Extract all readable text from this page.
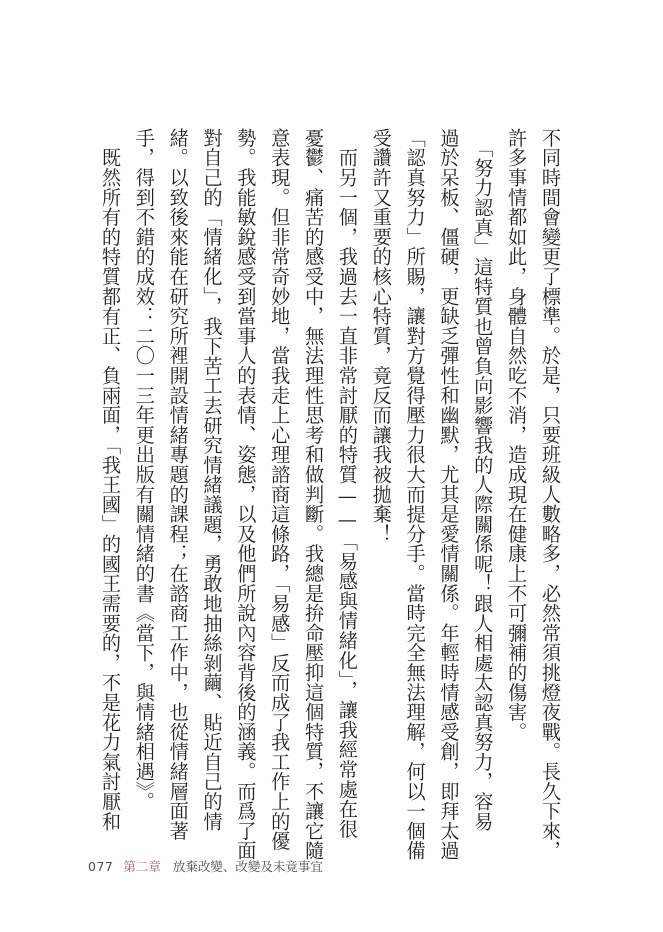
不同時間會變更了標準。於是，只要班級人數略多，必然常須挑燈夜戰。長久下來，
許多事情都如此，身體自然吃不消，造成現在健康上不可彌補的傷害。
　「努力認真」這特質也曾負向影響我的人際關係呢！跟人相處太認真努力，容易
過於呆板、僵硬，更缺乏彈性和幽默，尤其是愛情關係。年輕時情感受創，即拜太過
「認真努力」所賜，讓對方覺得壓力很大而提分手。當時完全無法理解，何以一個備
受讚許又重要的核心特質，竟反而讓我被拋棄！
　而另一個，我過去一直非常討厭的特質——「易感與情緒化」，讓我經常處在很
憂鬱、痛苦的感受中，無法理性思考和做判斷。我總是拚命壓抑這個特質，不讓它隨
意表現。但非常奇妙地，當我走上心理諮商這條路，「易感」反而成了我工作上的優
勢。我能敏銳感受到當事人的表情、姿態，以及他們所說內容背後的涵義。而爲了面
對自己的「情緒化」，我下苦工去研究情緒議題，勇敢地抽絲剝繭、貼近自己的情
緒。以致後來能在研究所裡開設情緒專題的課程；在諮商工作中，也從情緒層面著
手，得到不錯的成效：二〇一三年更出版有關情緒的書《當下，與情緒相遇》。
　既然所有的特質都有正、負兩面，「我王國」的國王需要的，不是花力氣討厭和
077 第二章 放棄改變、改變及未竟事宜
